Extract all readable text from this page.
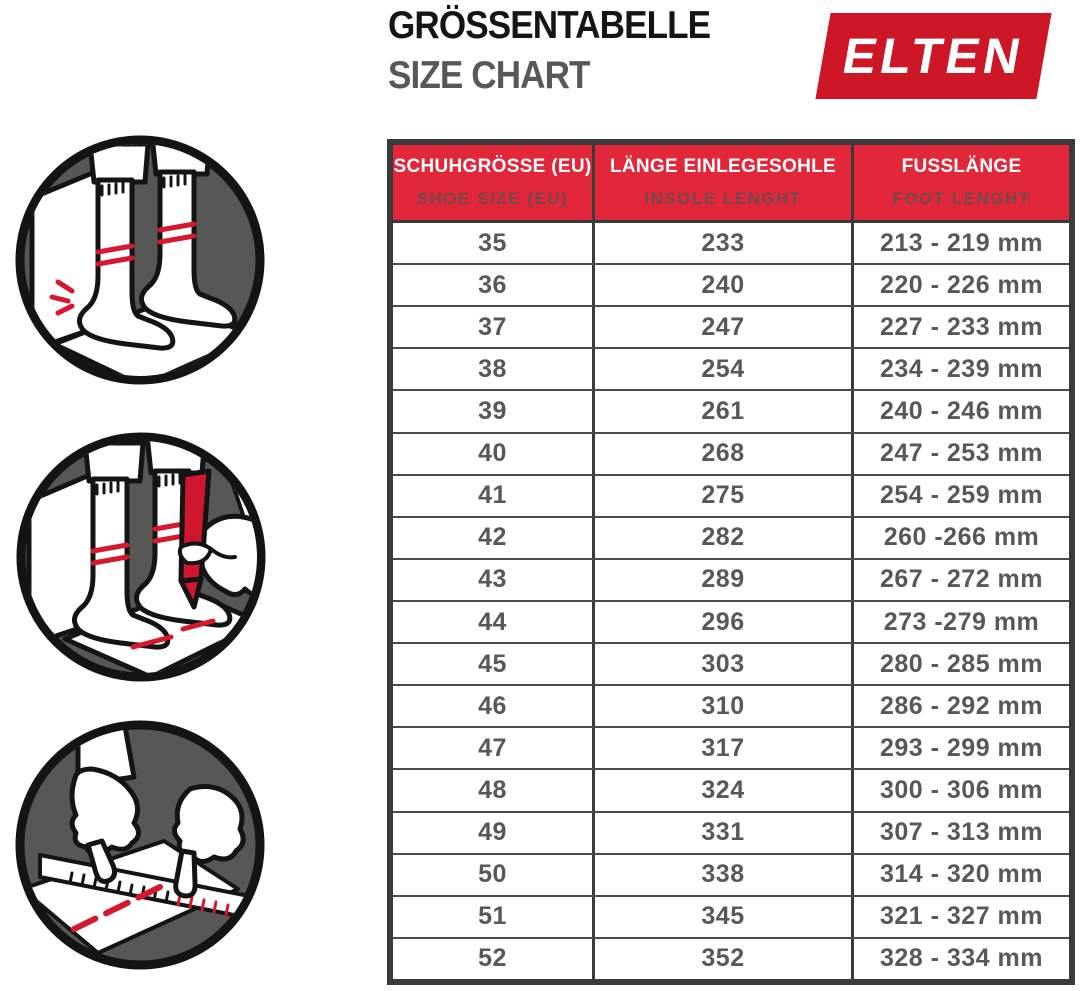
GRÖSSENTABELLE
SIZE CHART	ELTEN
SCHUHGRÖSSE (EU)
SHOE SIZE (EU)
LÄNGE EINLEGESOHLE
INSOLE LENGHT
FUSSLÄNGE
FOOT LENGHT
35	233	213 - 219 mm
36	240	220 - 226 mm
37	247	227 - 233 mm
38	254	234 - 239 mm
39	261	240 - 246 mm
40	268	247 - 253 mm
41	275	254 - 259 mm
42	282	260 -266 mm
43	289	267 - 272 mm
44	296	273 -279 mm
45	303	280 - 285 mm
46	310	286 - 292 mm
47	317	293 - 299 mm
48	324	300 - 306 mm
49	331	307 - 313 mm
50	338	314 - 320 mm
51	345	321 - 327 mm
52	352	328 - 334 mm
